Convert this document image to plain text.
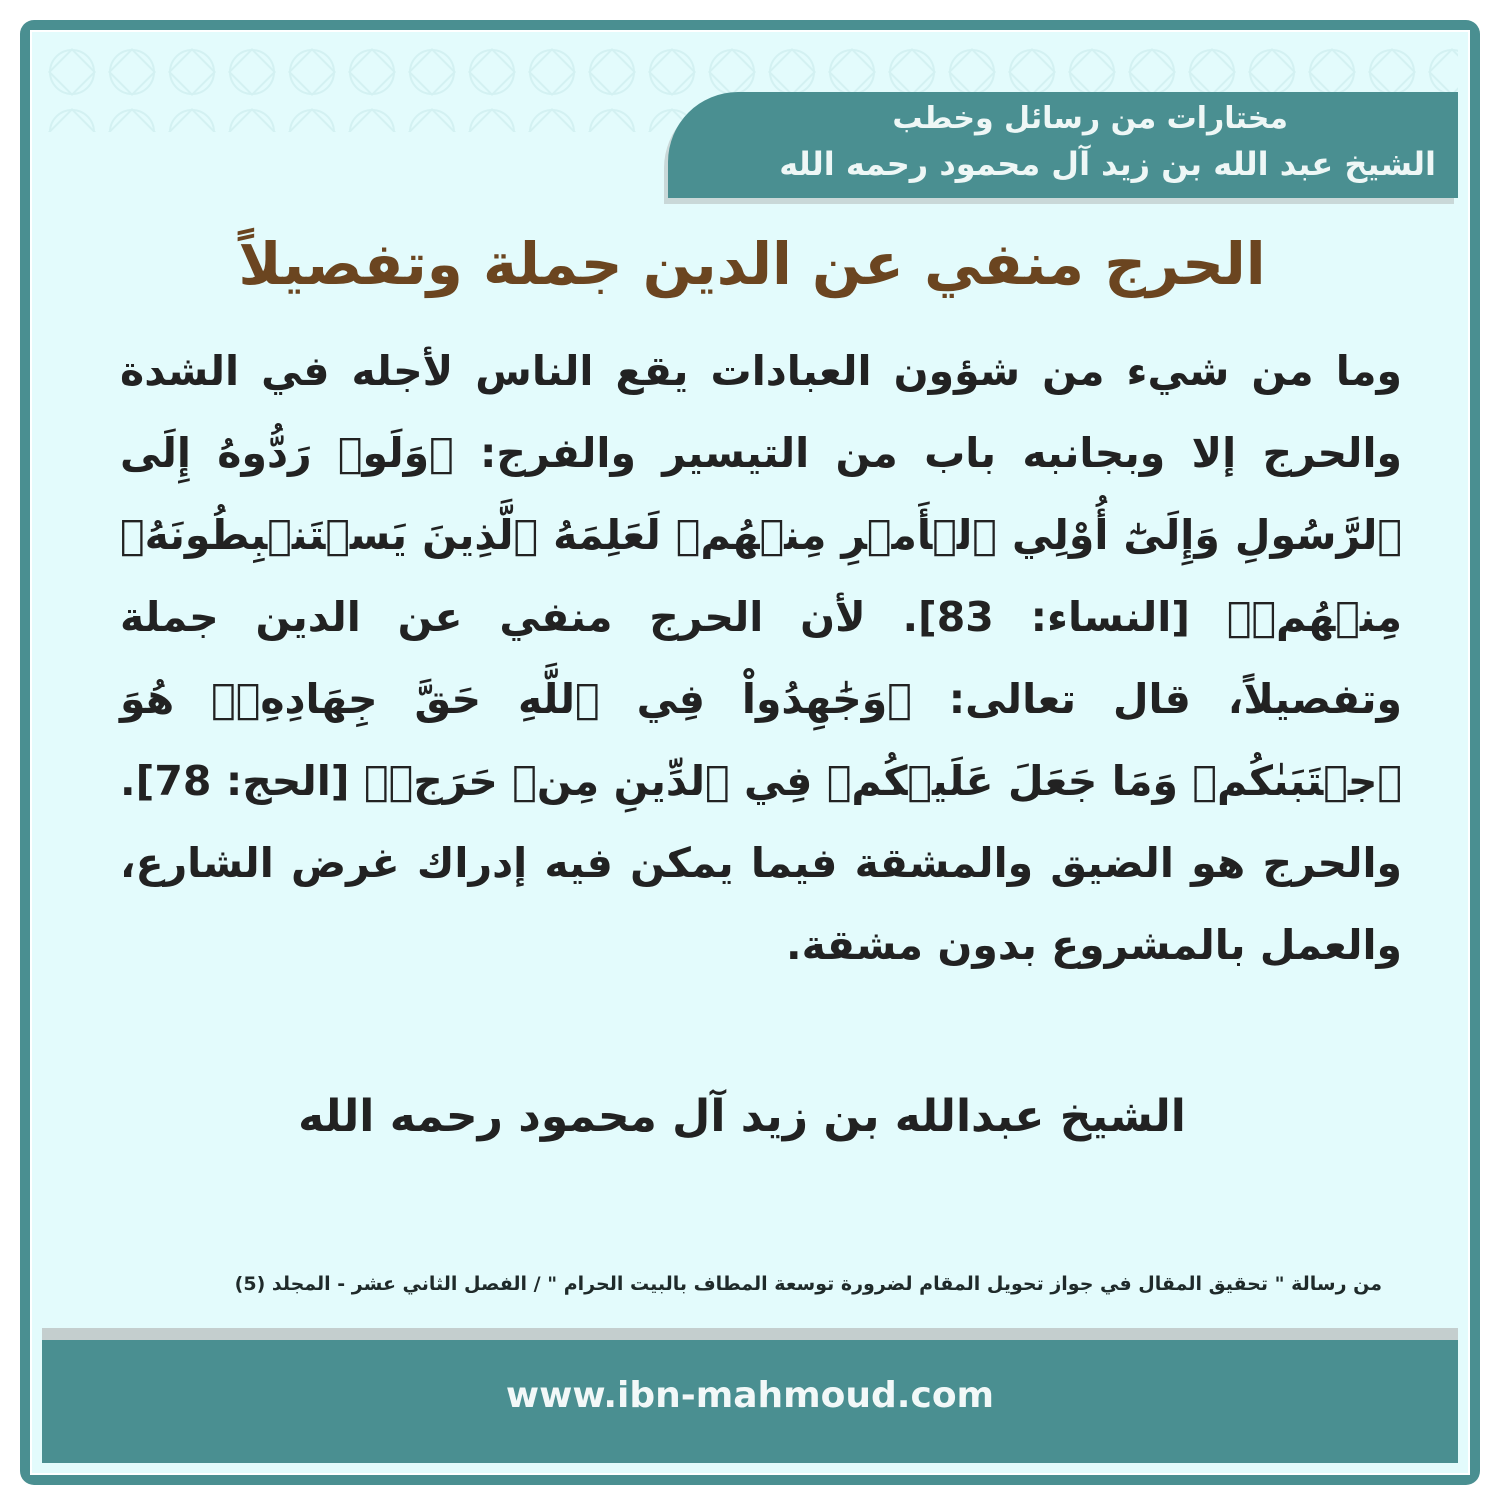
مختارات من رسائل وخطب
الشيخ عبد الله بن زيد آل محمود رحمه الله
الحرج منفي عن الدين جملة وتفصيلاً
وما من شيء من شؤون العبادات يقع الناس لأجله في الشدة والحرج إلا وبجانبه باب من التيسير والفرج: ﴿وَلَوۡ رَدُّوهُ إِلَى ٱلرَّسُولِ وَإِلَىٰٓ أُوْلِي ٱلۡأَمۡرِ مِنۡهُمۡ لَعَلِمَهُ ٱلَّذِينَ يَسۡتَنۢبِطُونَهُۥ مِنۡهُمۡ﴾ [النساء: 83]. لأن الحرج منفي عن الدين جملة وتفصيلاً، قال تعالى: ﴿وَجَٰهِدُواْ فِي ٱللَّهِ حَقَّ جِهَادِهِۦۚ هُوَ ٱجۡتَبَىٰكُمۡ وَمَا جَعَلَ عَلَيۡكُمۡ فِي ٱلدِّينِ مِنۡ حَرَجٖ﴾ [الحج: 78]. والحرج هو الضيق والمشقة فيما يمكن فيه إدراك غرض الشارع، والعمل بالمشروع بدون مشقة.
الشيخ عبدالله بن زيد آل محمود رحمه الله
من رسالة " تحقيق المقال في جواز تحويل المقام لضرورة توسعة المطاف بالبيت الحرام " / الفصل الثاني عشر - المجلد (5)
www.ibn-mahmoud.com
